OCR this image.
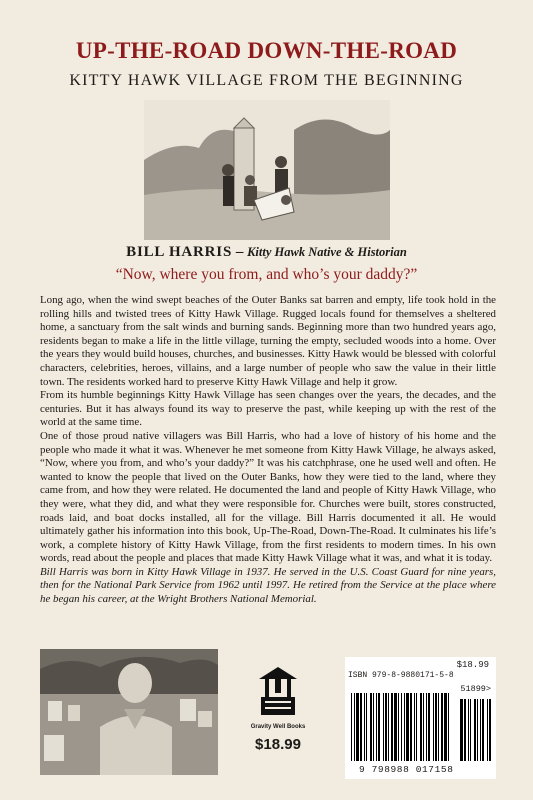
UP-THE-ROAD DOWN-THE-ROAD
KITTY HAWK VILLAGE FROM THE BEGINNING
BILL HARRIS – Kitty Hawk Native & Historian
“Now, where you from, and who’s your daddy?”

Long ago, when the wind swept beaches of the Outer Banks sat barren and empty, life took hold in the rolling hills and twisted trees of Kitty Hawk Village. Rugged locals found for themselves a sheltered home, a sanctuary from the salt winds and burning sands. Beginning more than two hundred years ago, residents began to make a life in the little village, turning the empty, secluded woods into a home. Over the years they would build houses, churches, and businesses. Kitty Hawk would be blessed with colorful characters, celebrities, heroes, villains, and a large number of people who saw the value in their little town. The residents worked hard to preserve Kitty Hawk Village and help it grow.

From its humble beginnings Kitty Hawk Village has seen changes over the years, the decades, and the centuries. But it has always found its way to preserve the past, while keeping up with the rest of the world at the same time.

One of those proud native villagers was Bill Harris, who had a love of history of his home and the people who made it what it was. Whenever he met someone from Kitty Hawk Village, he always asked, “Now, where you from, and who’s your daddy?” It was his catchphrase, one he used well and often. He wanted to know the people that lived on the Outer Banks, how they were tied to the land, where they came from, and how they were related. He documented the land and people of Kitty Hawk Village, who they were, what they did, and what they were responsible for. Churches were built, stores constructed, roads laid, and boat docks installed, all for the village. Bill Harris documented it all. He would ultimately gather his information into this book, Up-The-Road, Down-The-Road. It culminates his life’s work, a complete history of Kitty Hawk Village, from the first residents to modern times. In his own words, read about the people and places that made Kitty Hawk Village what it was, and what it is today.

Bill Harris was born in Kitty Hawk Village in 1937. He served in the U.S. Coast Guard for nine years, then for the National Park Service from 1962 until 1997. He retired from the Service at the place where he began his career, at the Wright Brothers National Memorial.

Gravity Well Books
$18.99
$18.99
ISBN 979-8-9880171-5-8
51899>
9 798988 017158
